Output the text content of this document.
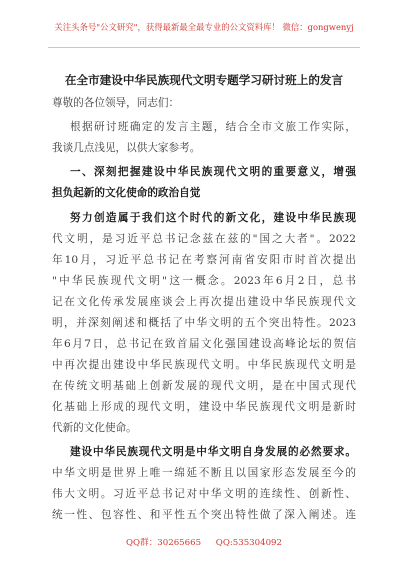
关注头条号"公文研究"，获得最新最全最专业的公文资料库！ 微信：gongwenyj
在全市建设中华民族现代文明专题学习研讨班上的发言
尊敬的各位领导，同志们：
根据研讨班确定的发言主题，结合全市文旅工作实际，
我谈几点浅见，以供大家参考。
一、深刻把握建设中华民族现代文明的重要意义，增强
担负起新的文化使命的政治自觉
努力创造属于我们这个时代的新文化，建设中华民族现
代文明，是习近平总书记念兹在兹的"国之大者"。2022
年10月，习近平总书记在考察河南省安阳市时首次提出
"中华民族现代文明"这一概念。2023年6月2日，总书
记在文化传承发展座谈会上再次提出建设中华民族现代文
明，并深刻阐述和概括了中华文明的五个突出特性。2023
年6月7日，总书记在致首届文化强国建设高峰论坛的贺信
中再次提出建设中华民族现代文明。中华民族现代文明是
在传统文明基础上创新发展的现代文明，是在中国式现代
化基础上形成的现代文明，建设中华民族现代文明是新时
代新的文化使命。
建设中华民族现代文明是中华文明自身发展的必然要求。
中华文明是世界上唯一绵延不断且以国家形态发展至今的
伟大文明。习近平总书记对中华文明的连续性、创新性、
统一性、包容性、和平性五个突出特性做了深入阐述。连
QQ群：30265665 QQ:535304092
